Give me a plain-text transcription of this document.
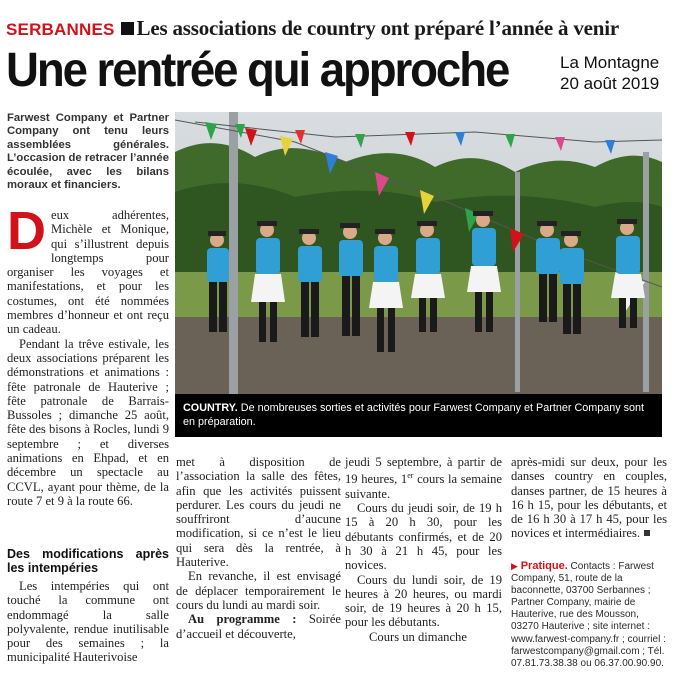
SERBANNES Les associations de country ont préparé l’année à venir
Une rentrée qui approche	La Montagne
20 août 2019
Farwest Company et Partner Company ont tenu leurs assemblées générales. L’occasion de retracer l’année écoulée, avec les bilans moraux et financiers.

Deux adhérentes, Michèle et Monique, qui s’illustrent depuis longtemps pour organiser les voyages et manifestations, et pour les costumes, ont été nommées membres d’honneur et ont reçu un cadeau.

Pendant la trêve estivale, les deux associations préparent les démonstrations et animations : fête patronale de Hauterive ; fête patronale de Barrais-Bussoles ; dimanche 25 août, fête des bisons à Rocles, lundi 9 septembre ; et diverses animations en Ehpad, et en décembre un spectacle au CCVL, ayant pour thème, de la route 7 et 9 à la route 66.

Des modifications après les intempéries

Les intempéries qui ont touché la commune ont endommagé la salle polyvalente, rendue inutilisable pour des semaines ; la municipalité Hauterivoise

COUNTRY. De nombreuses sorties et activités pour Farwest Company et Partner Company sont en préparation.

met à disposition de l’association la salle des fêtes, afin que les activités puissent perdurer. Les cours du jeudi ne souffriront d’aucune modification, si ce n’est le lieu qui sera dès la rentrée, à Hauterive.

En revanche, il est envisagé de déplacer temporairement le cours du lundi au mardi soir.

Au programme : Soirée d’accueil et découverte,

jeudi 5 septembre, à partir de 19 heures, 1er cours la semaine suivante.

Cours du jeudi soir, de 19 h 15 à 20 h 30, pour les débutants confirmés, et de 20 h 30 à 21 h 45, pour les novices.

Cours du lundi soir, de 19 heures à 20 heures, ou mardi soir, de 19 heures à 20 h 15, pour les débutants.

Cours un dimanche

après-midi sur deux, pour les danses country en couples, danses partner, de 15 heures à 16 h 15, pour les débutants, et de 16 h 30 à 17 h 45, pour les novices et intermédiaires.

▶ Pratique. Contacts : Farwest Company, 51, route de la baconnette, 03700 Serbannes ; Partner Company, mairie de Hauterive, rue des Mousson, 03270 Hauterive ; site internet : www.farwest-company.fr ; courriel : farwestcompany@gmail.com ; Tél. 07.81.73.38.38 ou 06.37.00.90.90.
